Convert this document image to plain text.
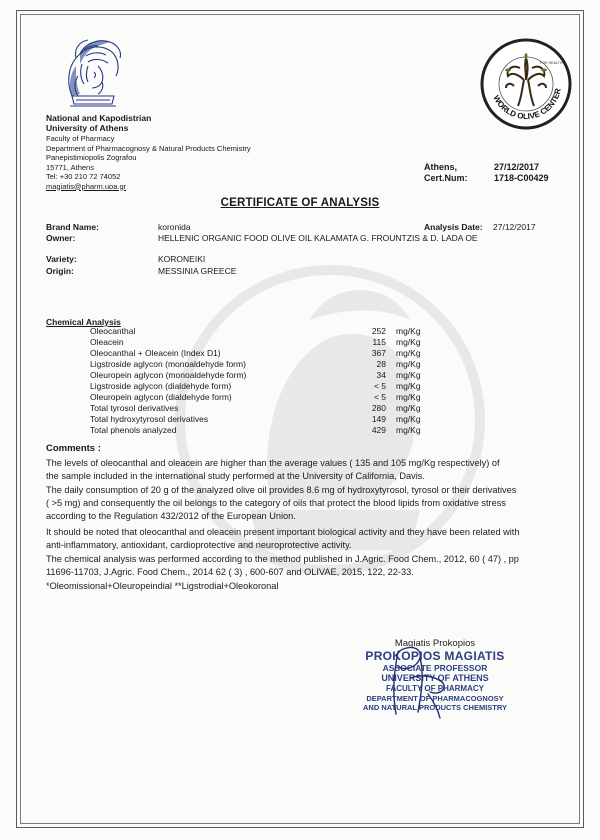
National and Kapodistrian
University of Athens
Faculty of Pharmacy
Department of Pharmacognosy & Natural Products Chemistry
Panepistimiopolis Zografou
15771, Athens
Tel: +30 210 72 74052
magiatis@pharm.uoa.gr
WORLD OLIVE CENTER
FOR HEALTH
Athens,	27/12/2017
Cert.Num:	1718-C00429
CERTIFICATE OF ANALYSIS
Brand Name:	koronida	Analysis Date: 27/12/2017
Owner:	HELLENIC ORGANIC FOOD OLIVE OIL KALAMATA G. FROUNTZIS & D. LADA OE
Variety:	KORONEIKI
Origin:	MESSINIA GREECE
Chemical Analysis
Oleocanthal	252 mg/Kg
Oleacein	115 mg/Kg
Oleocanthal + Oleacein (Index D1)	367 mg/Kg
Ligstroside aglycon (monoaldehyde form)	28 mg/Kg
Oleuropein aglycon (monoaldehyde form)	34 mg/Kg
Ligstroside aglycon (dialdehyde form)	< 5 mg/Kg
Oleuropein aglycon (dialdehyde form)	< 5 mg/Kg
Total tyrosol derivatives	280 mg/Kg
Total hydroxytyrosol derivatives	149 mg/Kg
Total phenols analyzed	429 mg/Kg
Comments :
The levels of oleocanthal and oleacein are higher than the average values ( 135 and 105 mg/Kg respectively) of
the sample included in the international study performed at the University of California, Davis.
The daily consumption of 20 g of the analyzed olive oil provides 8.6 mg of hydroxytyrosol, tyrosol or their derivatives
( >5 mg) and consequently the oil belongs to the category of oils that protect the blood lipids from oxidative stress
according to the Regulation 432/2012 of the European Union.
It should be noted that oleocanthal and oleacein present important biological activity and they have been related with
anti-inflammatory, antioxidant, cardioprotective and neuroprotective activity.
The chemical analysis was performed according to the method published in J.Agric. Food Chem., 2012, 60 ( 47) , pp
11696-11703, J.Agric. Food Chem., 2014 62 ( 3) , 600-607 and OLIVAE, 2015, 122, 22-33.
*Oleomissional+Oleuropeindial **Ligstrodial+Oleokoronal
Magiatis Prokopios
PROKOPIOS MAGIATIS
ASSOCIATE PROFESSOR
UNIVERSITY OF ATHENS
FACULTY OF PHARMACY
DEPARTMENT OF PHARMACOGNOSY
AND NATURAL PRODUCTS CHEMISTRY
